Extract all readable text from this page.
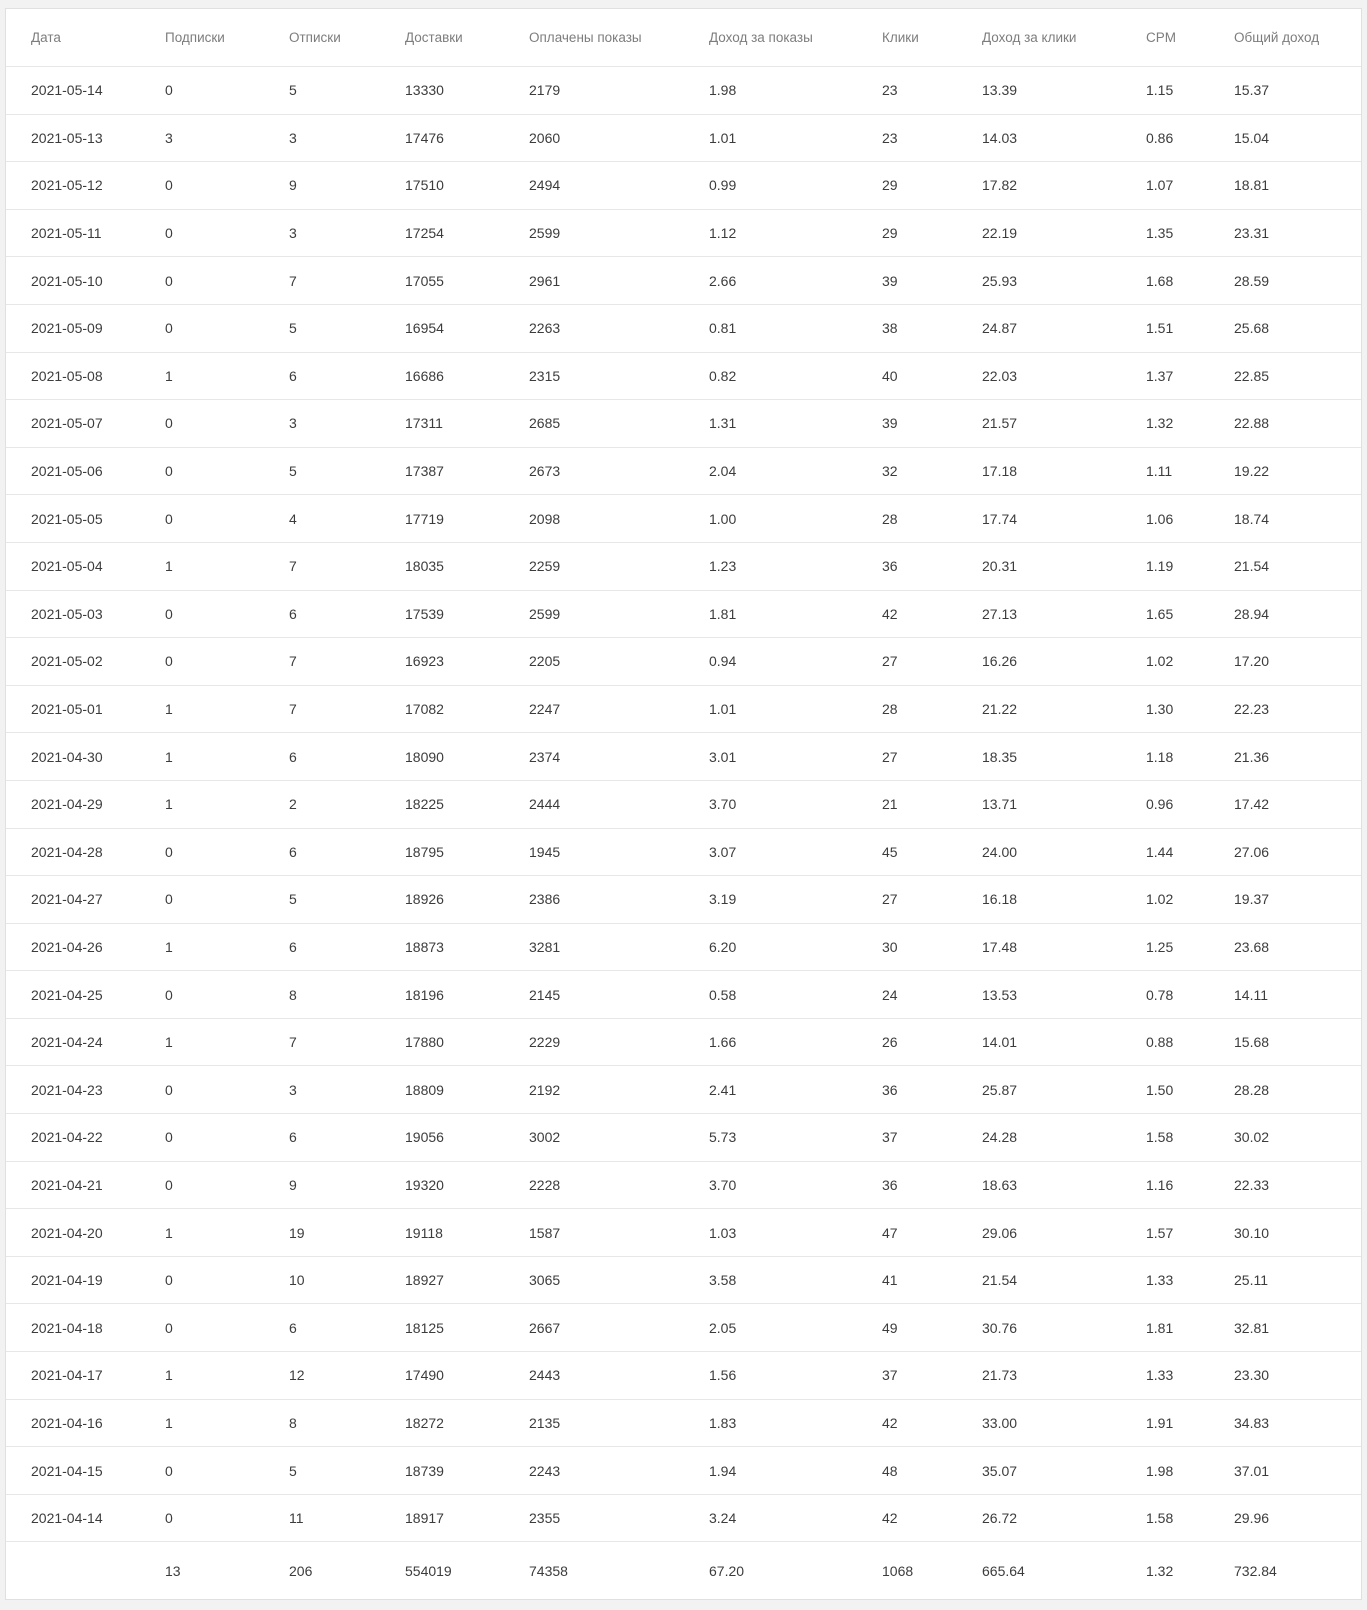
Дата	Подписки	Отписки	Доставки	Оплачены показы	Доход за показы	Клики	Доход за клики	CPM	Общий доход
2021-05-14	0	5	13330	2179	1.98	23	13.39	1.15	15.37
2021-05-13	3	3	17476	2060	1.01	23	14.03	0.86	15.04
2021-05-12	0	9	17510	2494	0.99	29	17.82	1.07	18.81
2021-05-11	0	3	17254	2599	1.12	29	22.19	1.35	23.31
2021-05-10	0	7	17055	2961	2.66	39	25.93	1.68	28.59
2021-05-09	0	5	16954	2263	0.81	38	24.87	1.51	25.68
2021-05-08	1	6	16686	2315	0.82	40	22.03	1.37	22.85
2021-05-07	0	3	17311	2685	1.31	39	21.57	1.32	22.88
2021-05-06	0	5	17387	2673	2.04	32	17.18	1.11	19.22
2021-05-05	0	4	17719	2098	1.00	28	17.74	1.06	18.74
2021-05-04	1	7	18035	2259	1.23	36	20.31	1.19	21.54
2021-05-03	0	6	17539	2599	1.81	42	27.13	1.65	28.94
2021-05-02	0	7	16923	2205	0.94	27	16.26	1.02	17.20
2021-05-01	1	7	17082	2247	1.01	28	21.22	1.30	22.23
2021-04-30	1	6	18090	2374	3.01	27	18.35	1.18	21.36
2021-04-29	1	2	18225	2444	3.70	21	13.71	0.96	17.42
2021-04-28	0	6	18795	1945	3.07	45	24.00	1.44	27.06
2021-04-27	0	5	18926	2386	3.19	27	16.18	1.02	19.37
2021-04-26	1	6	18873	3281	6.20	30	17.48	1.25	23.68
2021-04-25	0	8	18196	2145	0.58	24	13.53	0.78	14.11
2021-04-24	1	7	17880	2229	1.66	26	14.01	0.88	15.68
2021-04-23	0	3	18809	2192	2.41	36	25.87	1.50	28.28
2021-04-22	0	6	19056	3002	5.73	37	24.28	1.58	30.02
2021-04-21	0	9	19320	2228	3.70	36	18.63	1.16	22.33
2021-04-20	1	19	19118	1587	1.03	47	29.06	1.57	30.10
2021-04-19	0	10	18927	3065	3.58	41	21.54	1.33	25.11
2021-04-18	0	6	18125	2667	2.05	49	30.76	1.81	32.81
2021-04-17	1	12	17490	2443	1.56	37	21.73	1.33	23.30
2021-04-16	1	8	18272	2135	1.83	42	33.00	1.91	34.83
2021-04-15	0	5	18739	2243	1.94	48	35.07	1.98	37.01
2021-04-14	0	11	18917	2355	3.24	42	26.72	1.58	29.96
	13	206	554019	74358	67.20	1068	665.64	1.32	732.84
